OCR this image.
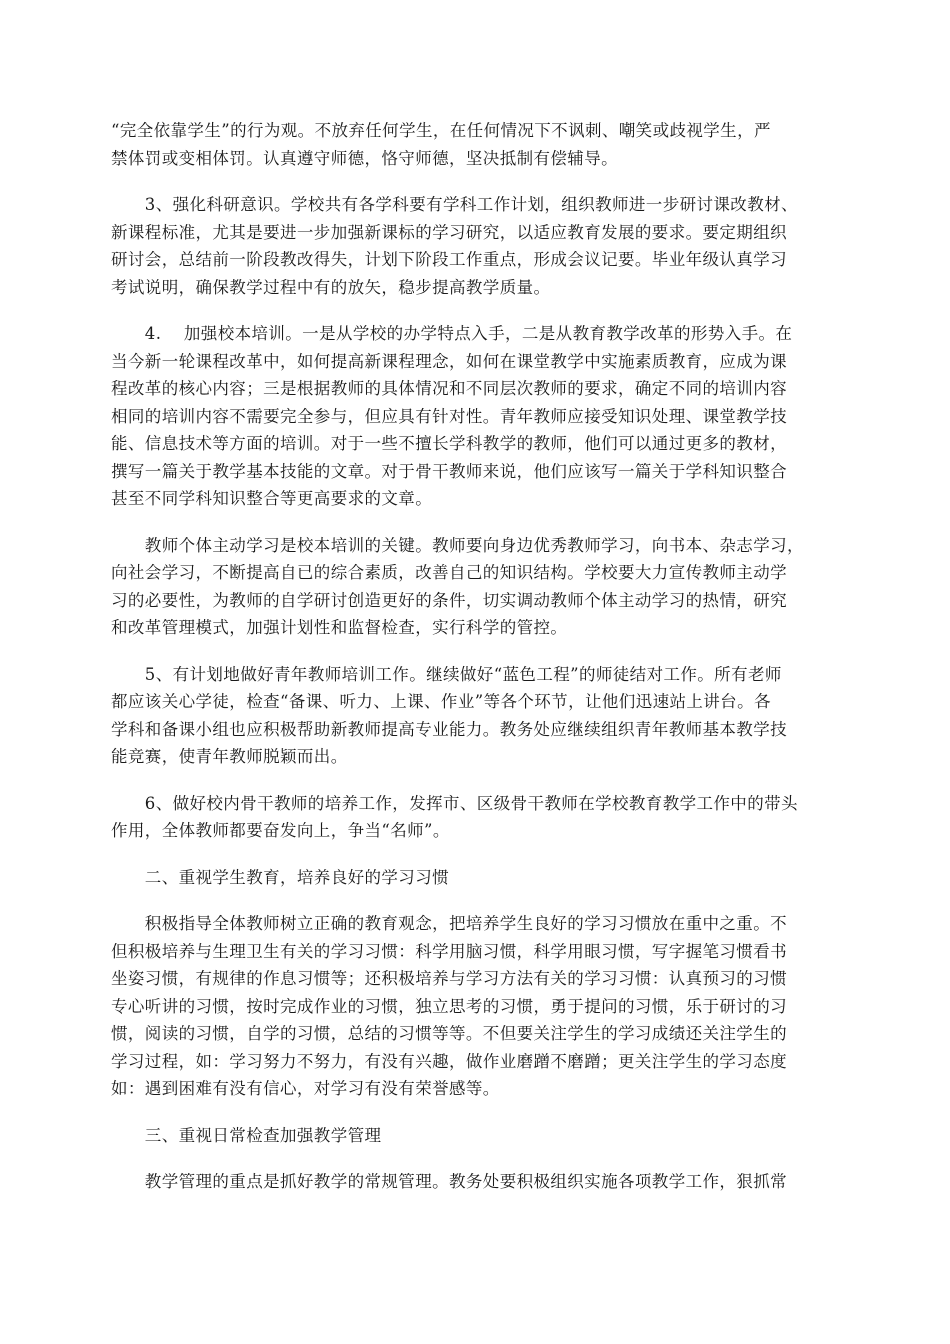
“完全依靠学生”的行为观。不放弃任何学生，在任何情况下不讽刺、嘲笑或歧视学生，严
禁体罚或变相体罚。认真遵守师德，恪守师德，坚决抵制有偿辅导。
　　3、强化科研意识。学校共有各学科要有学科工作计划，组织教师进一步研讨课改教材、
新课程标准，尤其是要进一步加强新课标的学习研究，以适应教育发展的要求。要定期组织
研讨会，总结前一阶段教改得失，计划下阶段工作重点，形成会议记要。毕业年级认真学习
考试说明，确保教学过程中有的放矢，稳步提高教学质量。
　　4.　 加强校本培训。一是从学校的办学特点入手，二是从教育教学改革的形势入手。在
当今新一轮课程改革中，如何提高新课程理念，如何在课堂教学中实施素质教育，应成为课
程改革的核心内容；三是根据教师的具体情况和不同层次教师的要求，确定不同的培训内容
相同的培训内容不需要完全参与，但应具有针对性。青年教师应接受知识处理、课堂教学技
能、信息技术等方面的培训。对于一些不擅长学科教学的教师，他们可以通过更多的教材，
撰写一篇关于教学基本技能的文章。对于骨干教师来说，他们应该写一篇关于学科知识整合
甚至不同学科知识整合等更高要求的文章。
　　教师个体主动学习是校本培训的关键。教师要向身边优秀教师学习，向书本、杂志学习，
向社会学习，不断提高自已的综合素质，改善自己的知识结构。学校要大力宣传教师主动学
习的必要性，为教师的自学研讨创造更好的条件，切实调动教师个体主动学习的热情，研究
和改革管理模式，加强计划性和监督检查，实行科学的管控。
　　5、有计划地做好青年教师培训工作。继续做好“蓝色工程”的师徒结对工作。所有老师
都应该关心学徒，检查“备课、听力、上课、作业”等各个环节，让他们迅速站上讲台。各
学科和备课小组也应积极帮助新教师提高专业能力。教务处应继续组织青年教师基本教学技
能竞赛，使青年教师脱颖而出。
　　6、做好校内骨干教师的培养工作，发挥市、区级骨干教师在学校教育教学工作中的带头
作用，全体教师都要奋发向上，争当“名师”。
　　二、重视学生教育，培养良好的学习习惯
　　积极指导全体教师树立正确的教育观念，把培养学生良好的学习习惯放在重中之重。不
但积极培养与生理卫生有关的学习习惯：科学用脑习惯，科学用眼习惯，写字握笔习惯看书
坐姿习惯，有规律的作息习惯等；还积极培养与学习方法有关的学习习惯：认真预习的习惯
专心听讲的习惯，按时完成作业的习惯，独立思考的习惯，勇于提问的习惯，乐于研讨的习
惯，阅读的习惯，自学的习惯，总结的习惯等等。不但要关注学生的学习成绩还关注学生的
学习过程，如：学习努力不努力，有没有兴趣，做作业磨蹭不磨蹭；更关注学生的学习态度
如：遇到困难有没有信心，对学习有没有荣誉感等。
　　三、重视日常检查加强教学管理
　　教学管理的重点是抓好教学的常规管理。教务处要积极组织实施各项教学工作，狠抓常
